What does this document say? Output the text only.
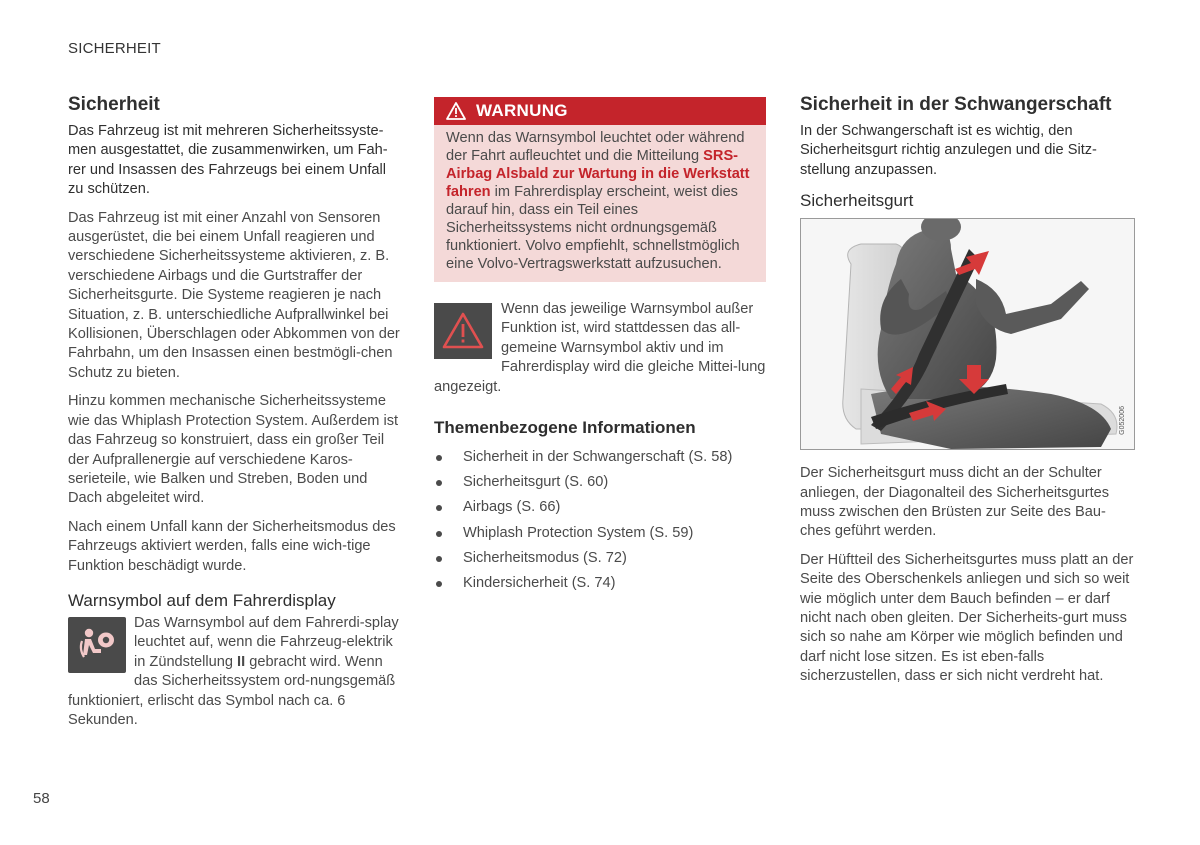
SICHERHEIT
58
Sicherheit

Das Fahrzeug ist mit mehreren Sicherheitssyste-men ausgestattet, die zusammenwirken, um Fah-rer und Insassen des Fahrzeugs bei einem Unfall zu schützen.

Das Fahrzeug ist mit einer Anzahl von Sensoren ausgerüstet, die bei einem Unfall reagieren und verschiedene Sicherheitssysteme aktivieren, z. B. verschiedene Airbags und die Gurtstraffer der Sicherheitsgurte. Die Systeme reagieren je nach Situation, z. B. unterschiedliche Aufprallwinkel bei Kollisionen, Überschlagen oder Abkommen von der Fahrbahn, um den Insassen einen bestmögli-chen Schutz zu bieten.

Hinzu kommen mechanische Sicherheitssysteme wie das Whiplash Protection System. Außerdem ist das Fahrzeug so konstruiert, dass ein großer Teil der Aufprallenergie auf verschiedene Karos-serieteile, wie Balken und Streben, Boden und Dach abgeleitet wird.

Nach einem Unfall kann der Sicherheitsmodus des Fahrzeugs aktiviert werden, falls eine wich-tige Funktion beschädigt wurde.

Warnsymbol auf dem Fahrerdisplay

Das Warnsymbol auf dem Fahrerdi-splay leuchtet auf, wenn die Fahrzeug-elektrik in Zündstellung II gebracht wird. Wenn das Sicherheitssystem ord-nungsgemäß funktioniert, erlischt das Symbol nach ca. 6 Sekunden.

WARNUNG
Wenn das Warnsymbol leuchtet oder während der Fahrt aufleuchtet und die Mitteilung SRS-Airbag Alsbald zur Wartung in die Werkstatt fahren im Fahrerdisplay erscheint, weist dies darauf hin, dass ein Teil eines Sicherheitssystems nicht ordnungsgemäß funktioniert. Volvo empfiehlt, schnellstmöglich eine Volvo-Vertragswerkstatt aufzusuchen.

Wenn das jeweilige Warnsymbol außer Funktion ist, wird stattdessen das all-gemeine Warnsymbol aktiv und im Fahrerdisplay wird die gleiche Mittei-lung angezeigt.

Themenbezogene Informationen
Sicherheit in der Schwangerschaft (S. 58)
Sicherheitsgurt (S. 60)
Airbags (S. 66)
Whiplash Protection System (S. 59)
Sicherheitsmodus (S. 72)
Kindersicherheit (S. 74)
Sicherheit in der Schwangerschaft

In der Schwangerschaft ist es wichtig, den Sicherheitsgurt richtig anzulegen und die Sitz-stellung anzupassen.

Sicherheitsgurt
G052006

Der Sicherheitsgurt muss dicht an der Schulter anliegen, der Diagonalteil des Sicherheitsgurtes muss zwischen den Brüsten zur Seite des Bau-ches geführt werden.

Der Hüftteil des Sicherheitsgurtes muss platt an der Seite des Oberschenkels anliegen und sich so weit wie möglich unter dem Bauch befinden – er darf nicht nach oben gleiten. Der Sicherheits-gurt muss sich so nahe am Körper wie möglich befinden und darf nicht lose sitzen. Es ist eben-falls sicherzustellen, dass er sich nicht verdreht hat.
